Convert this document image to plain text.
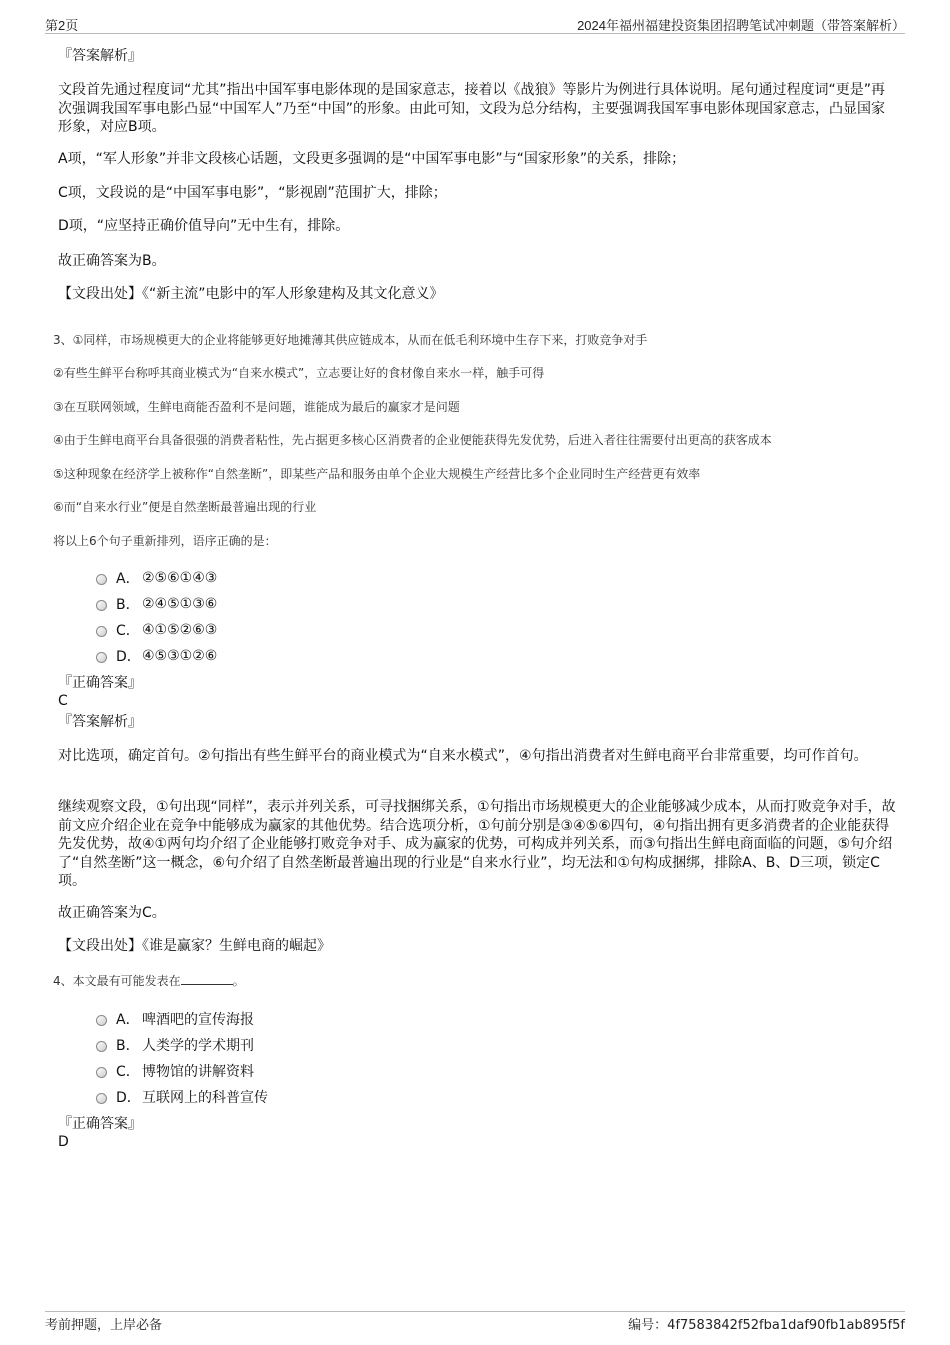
第2页	2024年福州福建投资集团招聘笔试冲刺题（带答案解析）
『答案解析』
文段首先通过程度词“尤其”指出中国军事电影体现的是国家意志，接着以《战狼》等影片为例进行具体说明。尾句通过程度词“更是”再次强调我国军事电影凸显“中国军人”乃至“中国”的形象。由此可知，文段为总分结构，主要强调我国军事电影体现国家意志，凸显国家形象，对应B项。
A项，“军人形象”并非文段核心话题，文段更多强调的是“中国军事电影”与“国家形象”的关系，排除；
C项，文段说的是“中国军事电影”，“影视剧”范围扩大，排除；
D项，“应坚持正确价值导向”无中生有，排除。
故正确答案为B。
【文段出处】《“新主流”电影中的军人形象建构及其文化意义》
3、①同样，市场规模更大的企业将能够更好地摊薄其供应链成本，从而在低毛利环境中生存下来，打败竞争对手
②有些生鲜平台称呼其商业模式为“自来水模式”，立志要让好的食材像自来水一样，触手可得
③在互联网领域，生鲜电商能否盈利不是问题，谁能成为最后的赢家才是问题
④由于生鲜电商平台具备很强的消费者粘性，先占据更多核心区消费者的企业便能获得先发优势，后进入者往往需要付出更高的获客成本
⑤这种现象在经济学上被称作“自然垄断”，即某些产品和服务由单个企业大规模生产经营比多个企业同时生产经营更有效率
⑥而“自来水行业”便是自然垄断最普遍出现的行业
将以上6个句子重新排列，语序正确的是：
A． ②⑤⑥①④③
B． ②④⑤①③⑥
C． ④①⑤②⑥③
D． ④⑤③①②⑥
『正确答案』
C
『答案解析』
对比选项，确定首句。②句指出有些生鲜平台的商业模式为“自来水模式”，④句指出消费者对生鲜电商平台非常重要，均可作首句。
继续观察文段，①句出现“同样”，表示并列关系，可寻找捆绑关系，①句指出市场规模更大的企业能够减少成本，从而打败竞争对手，故前文应介绍企业在竞争中能够成为赢家的其他优势。结合选项分析，①句前分别是③④⑤⑥四句，④句指出拥有更多消费者的企业能获得先发优势，故④①两句均介绍了企业能够打败竞争对手、成为赢家的优势，可构成并列关系，而③句指出生鲜电商面临的问题，⑤句介绍了“自然垄断”这一概念，⑥句介绍了自然垄断最普遍出现的行业是“自来水行业”，均无法和①句构成捆绑，排除A、B、D三项，锁定C项。
故正确答案为C。
【文段出处】《谁是赢家？生鲜电商的崛起》
4、本文最有可能发表在	。
A． 啤酒吧的宣传海报
B． 人类学的学术期刊
C． 博物馆的讲解资料
D． 互联网上的科普宣传
『正确答案』
D
考前押题，上岸必备	编号：4f7583842f52fba1daf90fb1ab895f5f
